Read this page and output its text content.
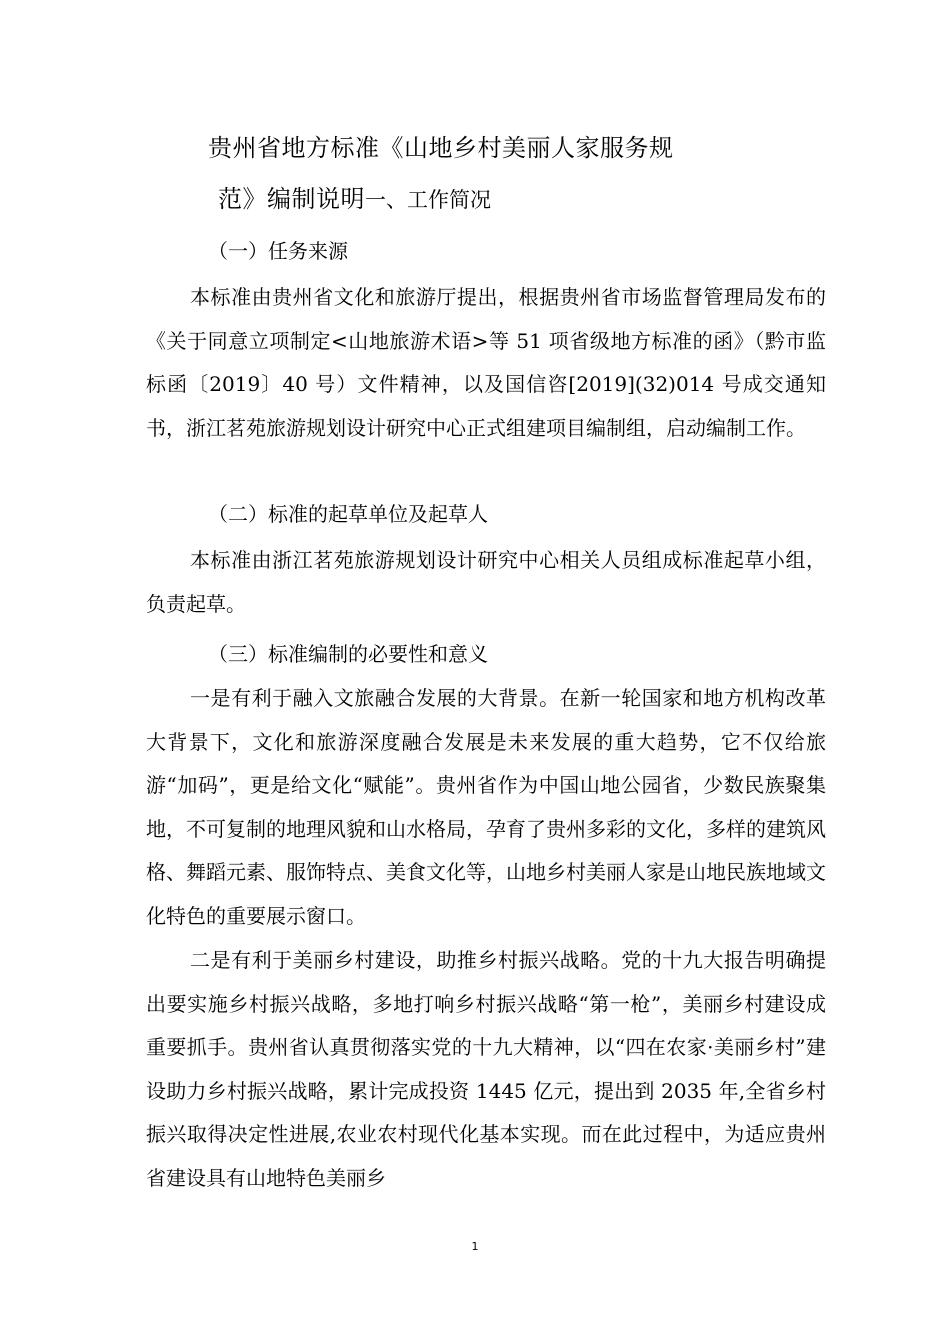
贵州省地方标准《山地乡村美丽人家服务规
范》编制说明一、工作简况
（一）任务来源

本标准由贵州省文化和旅游厅提出，根据贵州省市场监督管理局发布的《关于同意立项制定<山地旅游术语>等 51 项省级地方标准的函》（黔市监标函〔2019〕40 号）文件精神，以及国信咨[2019](32)014 号成交通知书，浙江茗苑旅游规划设计研究中心正式组建项目编制组，启动编制工作。

（二）标准的起草单位及起草人

本标准由浙江茗苑旅游规划设计研究中心相关人员组成标准起草小组，负责起草。

（三）标准编制的必要性和意义

一是有利于融入文旅融合发展的大背景。在新一轮国家和地方机构改革大背景下，文化和旅游深度融合发展是未来发展的重大趋势，它不仅给旅游“加码”，更是给文化“赋能”。贵州省作为中国山地公园省，少数民族聚集地，不可复制的地理风貌和山水格局，孕育了贵州多彩的文化，多样的建筑风格、舞蹈元素、服饰特点、美食文化等，山地乡村美丽人家是山地民族地域文化特色的重要展示窗口。

二是有利于美丽乡村建设，助推乡村振兴战略。党的十九大报告明确提出要实施乡村振兴战略，多地打响乡村振兴战略“第一枪”，美丽乡村建设成重要抓手。贵州省认真贯彻落实党的十九大精神，以“四在农家·美丽乡村”建设助力乡村振兴战略，累计完成投资 1445 亿元，提出到 2035 年,全省乡村振兴取得决定性进展,农业农村现代化基本实现。而在此过程中，为适应贵州省建设具有山地特色美丽乡

1
